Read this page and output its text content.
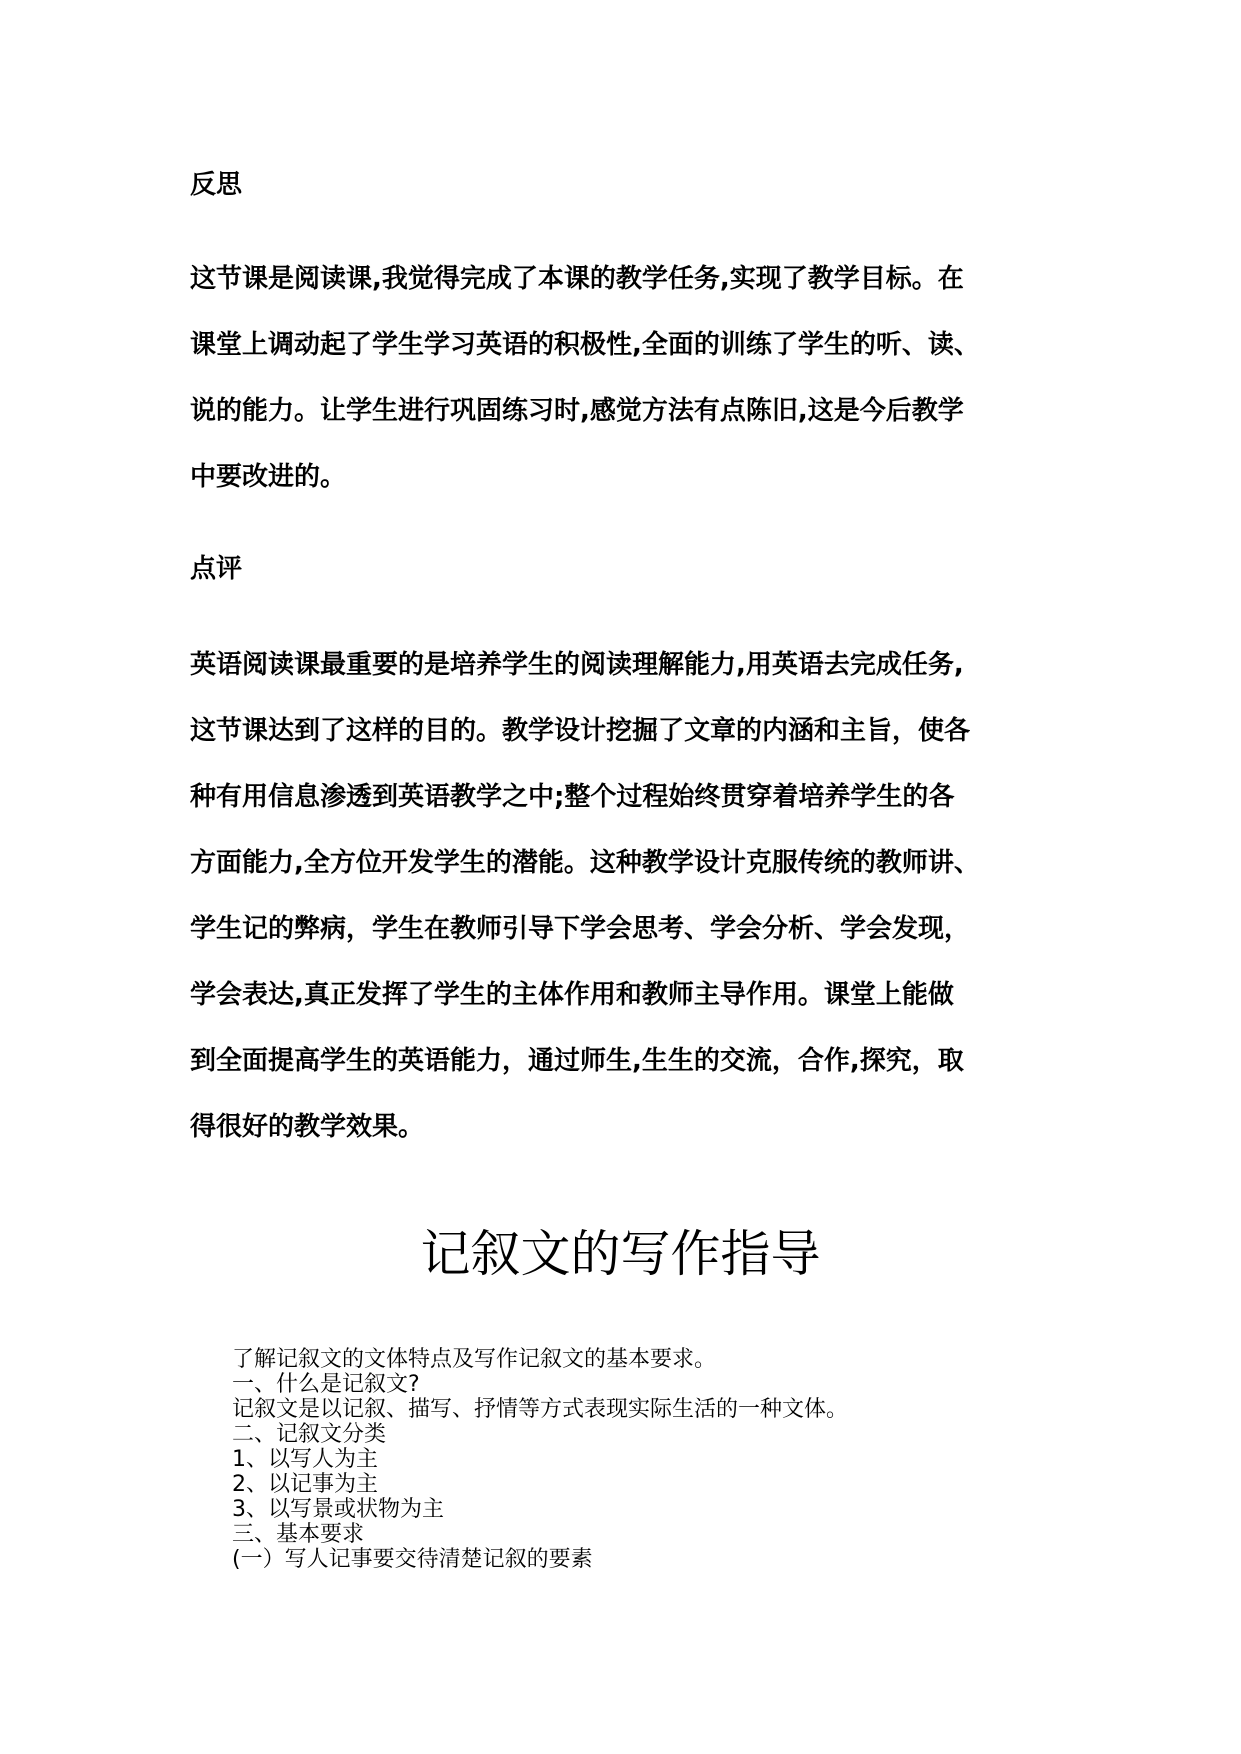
反思
这节课是阅读课,我觉得完成了本课的教学任务,实现了教学目标。在
课堂上调动起了学生学习英语的积极性,全面的训练了学生的听、读、
说的能力。让学生进行巩固练习时,感觉方法有点陈旧,这是今后教学
中要改进的。
点评
英语阅读课最重要的是培养学生的阅读理解能力,用英语去完成任务,
这节课达到了这样的目的。教学设计挖掘了文章的内涵和主旨，使各
种有用信息渗透到英语教学之中;整个过程始终贯穿着培养学生的各
方面能力,全方位开发学生的潜能。这种教学设计克服传统的教师讲、
学生记的弊病，学生在教师引导下学会思考、学会分析、学会发现，
学会表达,真正发挥了学生的主体作用和教师主导作用。课堂上能做
到全面提高学生的英语能力，通过师生,生生的交流，合作,探究，取
得很好的教学效果。
记叙文的写作指导
了解记叙文的文体特点及写作记叙文的基本要求。
一、什么是记叙文?
记叙文是以记叙、描写、抒情等方式表现实际生活的一种文体。
二、记叙文分类
1、以写人为主
2、以记事为主
3、以写景或状物为主
三、基本要求
(一）写人记事要交待清楚记叙的要素
